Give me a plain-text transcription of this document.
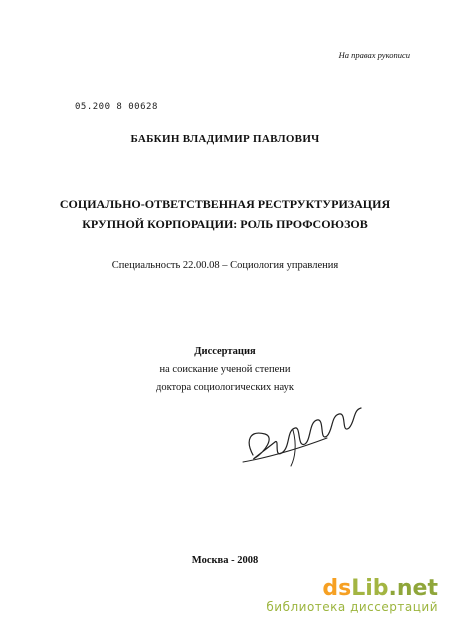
На правах рукописи
05.200 8 00628
БАБКИН ВЛАДИМИР ПАВЛОВИЧ
СОЦИАЛЬНО-ОТВЕТСТВЕННАЯ РЕСТРУКТУРИЗАЦИЯ
КРУПНОЙ КОРПОРАЦИИ: РОЛЬ ПРОФСОЮЗОВ
Специальность 22.00.08 – Социология управления
Диссертация
на соискание ученой степени
доктора социологических наук
Москва - 2008
dsLib.net
библиотека диссертаций
